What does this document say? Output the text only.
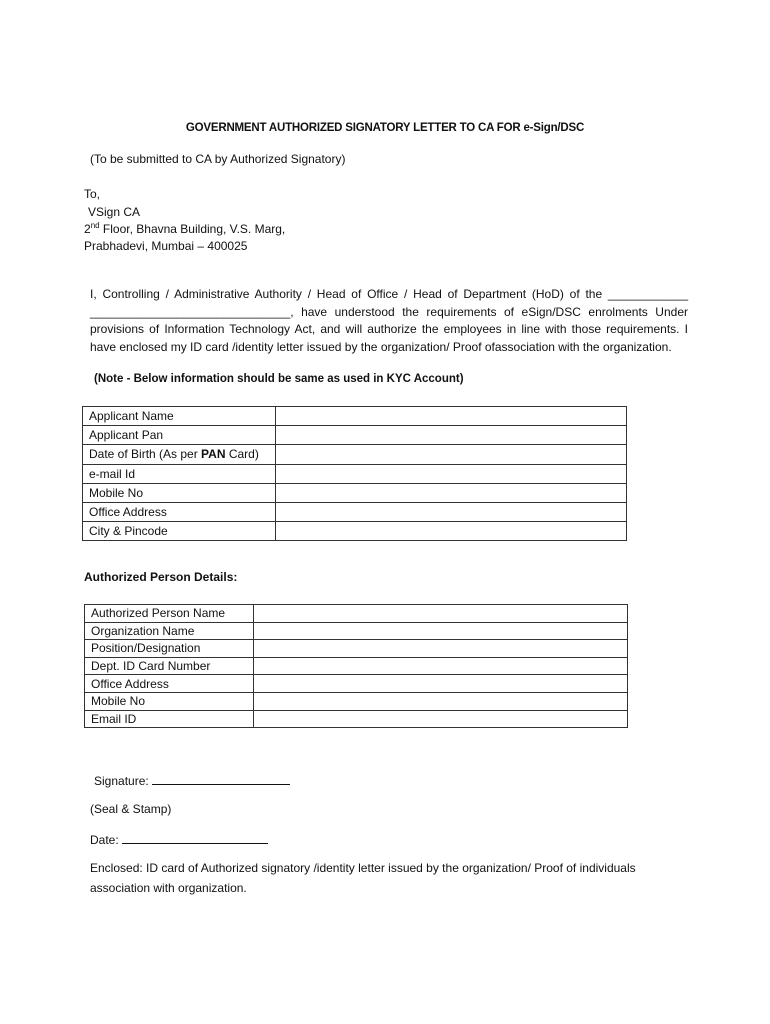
GOVERNMENT AUTHORIZED SIGNATORY LETTER TO CA FOR e-Sign/DSC
(To be submitted to CA by Authorized Signatory)
To,
VSign CA
2nd Floor, Bhavna Building, V.S. Marg,
Prabhadevi, Mumbai – 400025
I, Controlling / Administrative Authority / Head of Office / Head of Department (HoD) of the ____________ ______________________________, have understood the requirements of eSign/DSC enrolments Under provisions of Information Technology Act, and will authorize the employees in line with those requirements. I have enclosed my ID card /identity letter issued by the organization/ Proof ofassociation with the organization.
(Note - Below information should be same as used in KYC Account)
Applicant Name	
Applicant Pan	
Date of Birth (As per PAN Card)	
e-mail Id	
Mobile No	
Office Address	
City & Pincode	
Authorized Person Details:
Authorized Person Name	
Organization Name	
Position/Designation	
Dept. ID Card Number	
Office Address	
Mobile No	
Email ID	
Signature:
(Seal & Stamp)
Date:
Enclosed: ID card of Authorized signatory /identity letter issued by the organization/ Proof of individuals association with organization.
